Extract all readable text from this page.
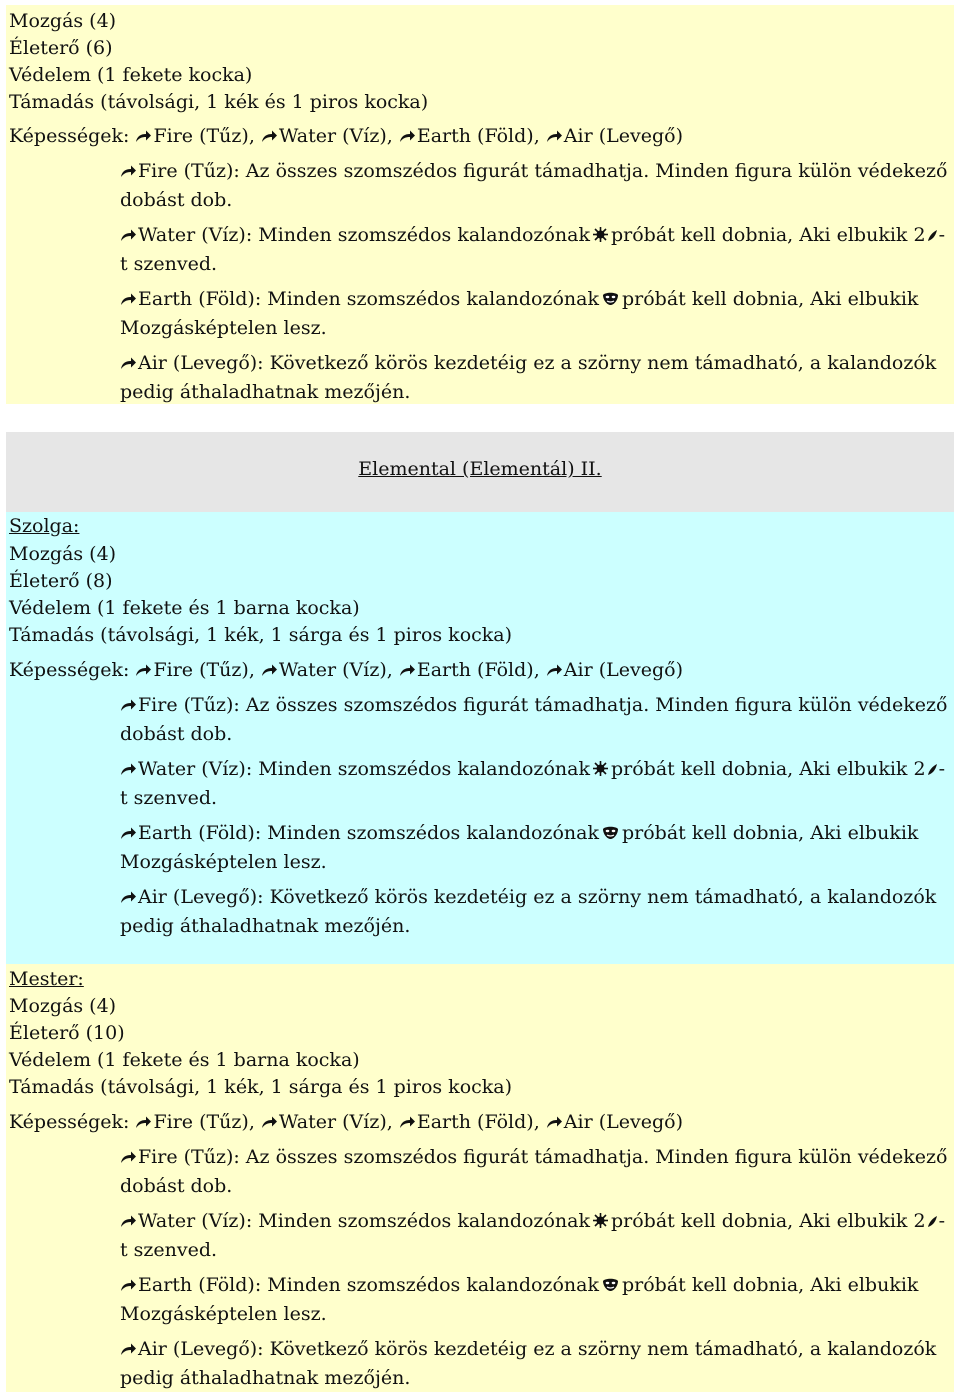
Mozgás (4)
Életerő (6)
Védelem (1 fekete kocka)
Támadás (távolsági, 1 kék és 1 piros kocka)
Képességek: Fire (Tűz), Water (Víz), Earth (Föld), Air (Levegő)
Fire (Tűz): Az összes szomszédos figurát támadhatja. Minden figura külön védekező dobást dob.
Water (Víz): Minden szomszédos kalandozónak próbát kell dobnia, Aki elbukik 2 -t szenved.
Earth (Föld): Minden szomszédos kalandozónak próbát kell dobnia, Aki elbukik Mozgásképtelen lesz.
Air (Levegő): Következő körös kezdetéig ez a szörny nem támadható, a kalandozók pedig áthaladhatnak mezőjén.
Elemental (Elementál) II.
Szolga:
Mozgás (4)
Életerő (8)
Védelem (1 fekete és 1 barna kocka)
Támadás (távolsági, 1 kék, 1 sárga és 1 piros kocka)
Képességek: Fire (Tűz), Water (Víz), Earth (Föld), Air (Levegő)
Fire (Tűz): Az összes szomszédos figurát támadhatja. Minden figura külön védekező dobást dob.
Water (Víz): Minden szomszédos kalandozónak próbát kell dobnia, Aki elbukik 2 -t szenved.
Earth (Föld): Minden szomszédos kalandozónak próbát kell dobnia, Aki elbukik Mozgásképtelen lesz.
Air (Levegő): Következő körös kezdetéig ez a szörny nem támadható, a kalandozók pedig áthaladhatnak mezőjén.
Mester:
Mozgás (4)
Életerő (10)
Védelem (1 fekete és 1 barna kocka)
Támadás (távolsági, 1 kék, 1 sárga és 1 piros kocka)
Képességek: Fire (Tűz), Water (Víz), Earth (Föld), Air (Levegő)
Fire (Tűz): Az összes szomszédos figurát támadhatja. Minden figura külön védekező dobást dob.
Water (Víz): Minden szomszédos kalandozónak próbát kell dobnia, Aki elbukik 2 -t szenved.
Earth (Föld): Minden szomszédos kalandozónak próbát kell dobnia, Aki elbukik Mozgásképtelen lesz.
Air (Levegő): Következő körös kezdetéig ez a szörny nem támadható, a kalandozók pedig áthaladhatnak mezőjén.
